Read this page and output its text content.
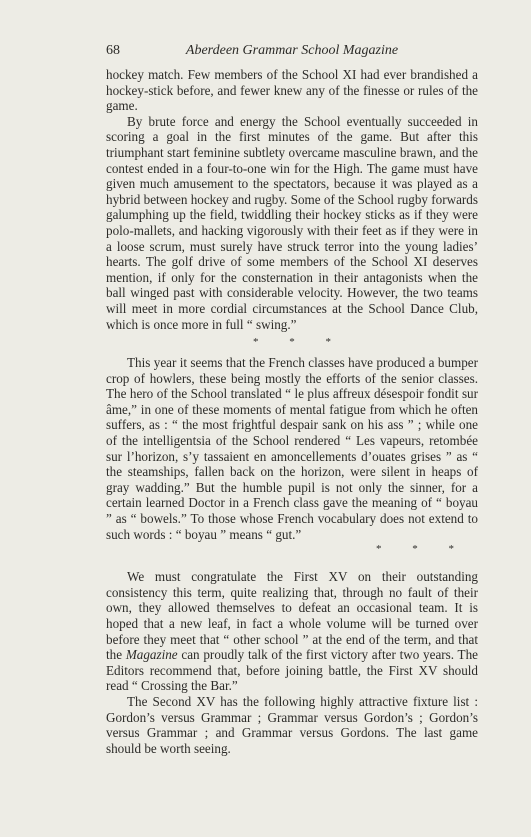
68	Aberdeen Grammar School Magazine

hockey match. Few members of the School XI had ever brandished a hockey-stick before, and fewer knew any of the finesse or rules of the game.

By brute force and energy the School eventually succeeded in scoring a goal in the first minutes of the game. But after this triumphant start feminine subtlety overcame masculine brawn, and the contest ended in a four-to-one win for the High. The game must have given much amusement to the spectators, because it was played as a hybrid between hockey and rugby. Some of the School rugby forwards galumphing up the field, twiddling their hockey sticks as if they were polo-mallets, and hacking vigorously with their feet as if they were in a loose scrum, must surely have struck terror into the young ladies’ hearts. The golf drive of some members of the School XI deserves mention, if only for the consternation in their antagonists when the ball winged past with considerable velocity. However, the two teams will meet in more cordial circumstances at the School Dance Club, which is once more in full “ swing.”

* * *

This year it seems that the French classes have produced a bumper crop of howlers, these being mostly the efforts of the senior classes. The hero of the School translated “ le plus affreux désespoir fondit sur âme,” in one of these moments of mental fatigue from which he often suffers, as : “ the most frightful despair sank on his ass ” ; while one of the intelligentsia of the School rendered “ Les vapeurs, retombée sur l’horizon, s’y tassaient en amoncellements d’ouates grises ” as “ the steamships, fallen back on the horizon, were silent in heaps of gray wadding.” But the humble pupil is not only the sinner, for a certain learned Doctor in a French class gave the meaning of “ boyau ” as “ bowels.” To those whose French vocabulary does not extend to such words : “ boyau ” means “ gut.”

* * *

We must congratulate the First XV on their outstanding consistency this term, quite realizing that, through no fault of their own, they allowed themselves to defeat an occasional team. It is hoped that a new leaf, in fact a whole volume will be turned over before they meet that “ other school ” at the end of the term, and that the Magazine can proudly talk of the first victory after two years. The Editors recommend that, before joining battle, the First XV should read “ Crossing the Bar.”

The Second XV has the following highly attractive fixture list : Gordon’s versus Grammar ; Grammar versus Gordon’s ; Gordon’s versus Grammar ; and Grammar versus Gordons. The last game should be worth seeing.
